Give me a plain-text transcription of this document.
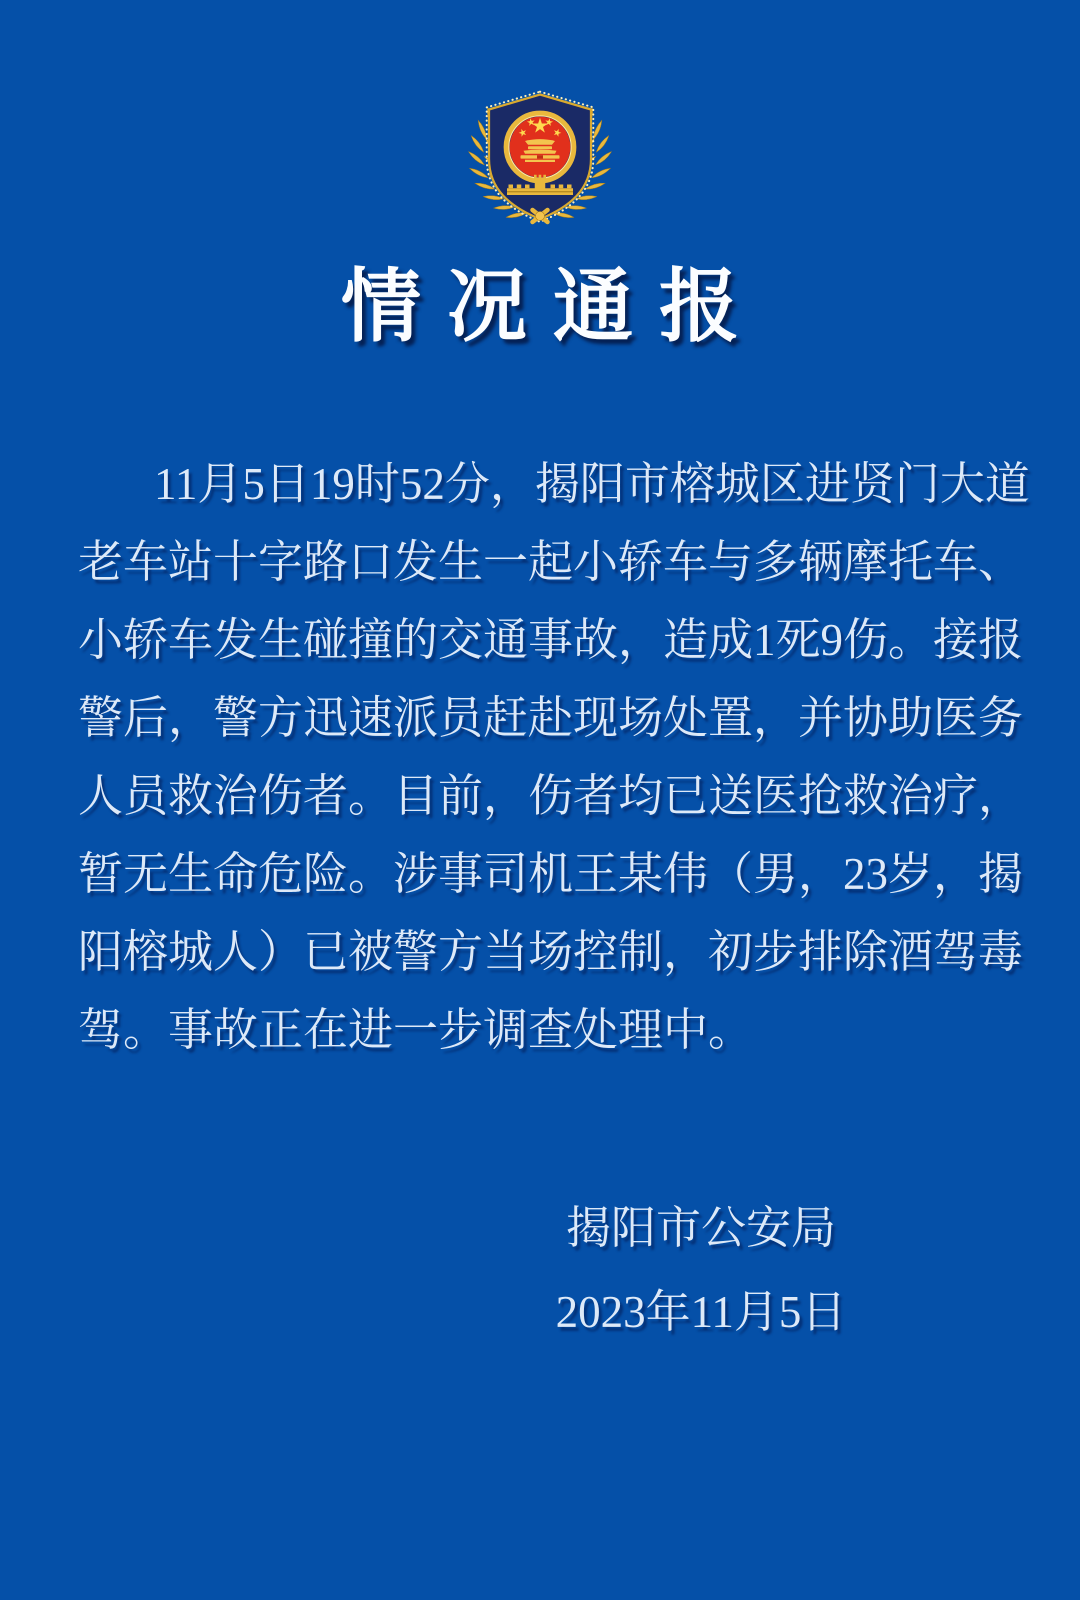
情况通报

11月5日19时52分，揭阳市榕城区进贤门大道

老车站十字路口发生一起小轿车与多辆摩托车、

小轿车发生碰撞的交通事故，造成1死9伤。接报

警后，警方迅速派员赶赴现场处置，并协助医务

人员救治伤者。目前，伤者均已送医抢救治疗，

暂无生命危险。涉事司机王某伟（男，23岁，揭

阳榕城人）已被警方当场控制，初步排除酒驾毒

驾。事故正在进一步调查处理中。

揭阳市公安局
2023年11月5日
